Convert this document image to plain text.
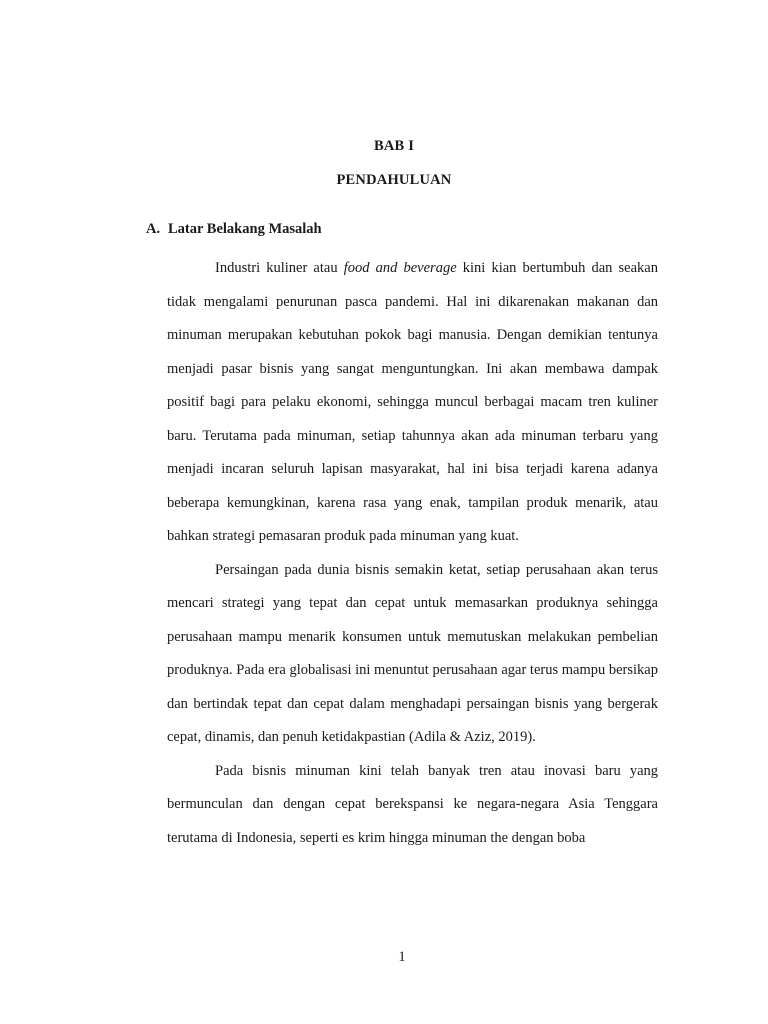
BAB I
PENDAHULUAN
A. Latar Belakang Masalah

Industri kuliner atau food and beverage kini kian bertumbuh dan seakan tidak mengalami penurunan pasca pandemi. Hal ini dikarenakan makanan dan minuman merupakan kebutuhan pokok bagi manusia. Dengan demikian tentunya menjadi pasar bisnis yang sangat menguntungkan. Ini akan membawa dampak positif bagi para pelaku ekonomi, sehingga muncul berbagai macam tren kuliner baru. Terutama pada minuman, setiap tahunnya akan ada minuman terbaru yang menjadi incaran seluruh lapisan masyarakat, hal ini bisa terjadi karena adanya beberapa kemungkinan, karena rasa yang enak, tampilan produk menarik, atau bahkan strategi pemasaran produk pada minuman yang kuat.

Persaingan pada dunia bisnis semakin ketat, setiap perusahaan akan terus mencari strategi yang tepat dan cepat untuk memasarkan produknya sehingga perusahaan mampu menarik konsumen untuk memutuskan melakukan pembelian produknya. Pada era globalisasi ini menuntut perusahaan agar terus mampu bersikap dan bertindak tepat dan cepat dalam menghadapi persaingan bisnis yang bergerak cepat, dinamis, dan penuh ketidakpastian (Adila & Aziz, 2019).

Pada bisnis minuman kini telah banyak tren atau inovasi baru yang bermunculan dan dengan cepat berekspansi ke negara-negara Asia Tenggara terutama di Indonesia, seperti es krim hingga minuman the dengan boba

1
